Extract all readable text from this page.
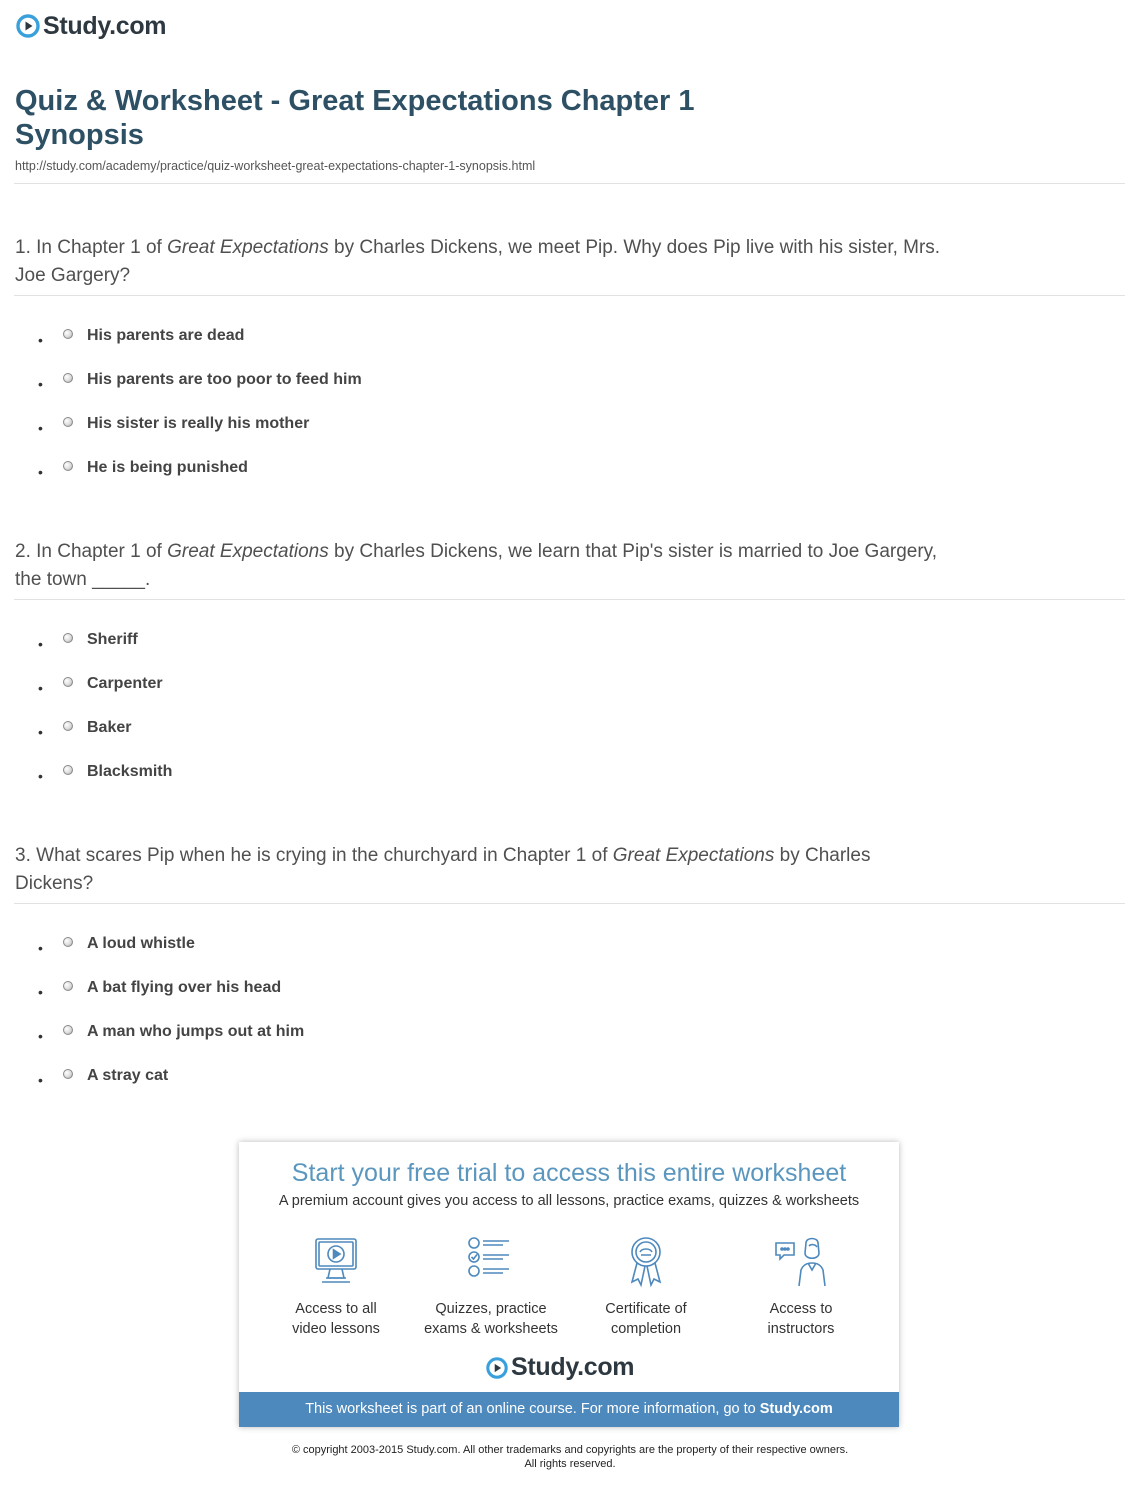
Study.com
Quiz & Worksheet - Great Expectations Chapter 1 Synopsis
http://study.com/academy/practice/quiz-worksheet-great-expectations-chapter-1-synopsis.html
1. In Chapter 1 of Great Expectations by Charles Dickens, we meet Pip. Why does Pip live with his sister, Mrs. Joe Gargery?
•	His parents are dead
•	His parents are too poor to feed him
•	His sister is really his mother
•	He is being punished
2. In Chapter 1 of Great Expectations by Charles Dickens, we learn that Pip's sister is married to Joe Gargery, the town _____.
•	Sheriff
•	Carpenter
•	Baker
•	Blacksmith
3. What scares Pip when he is crying in the churchyard in Chapter 1 of Great Expectations by Charles Dickens?
•	A loud whistle
•	A bat flying over his head
•	A man who jumps out at him
•	A stray cat
Start your free trial to access this entire worksheet
A premium account gives you access to all lessons, practice exams, quizzes & worksheets
Access to all
video lessons
Quizzes, practice
exams & worksheets
Certificate of
completion
Access to
instructors
Study.com
This worksheet is part of an online course. For more information, go to Study.com
© copyright 2003-2015 Study.com. All other trademarks and copyrights are the property of their respective owners.
All rights reserved.
